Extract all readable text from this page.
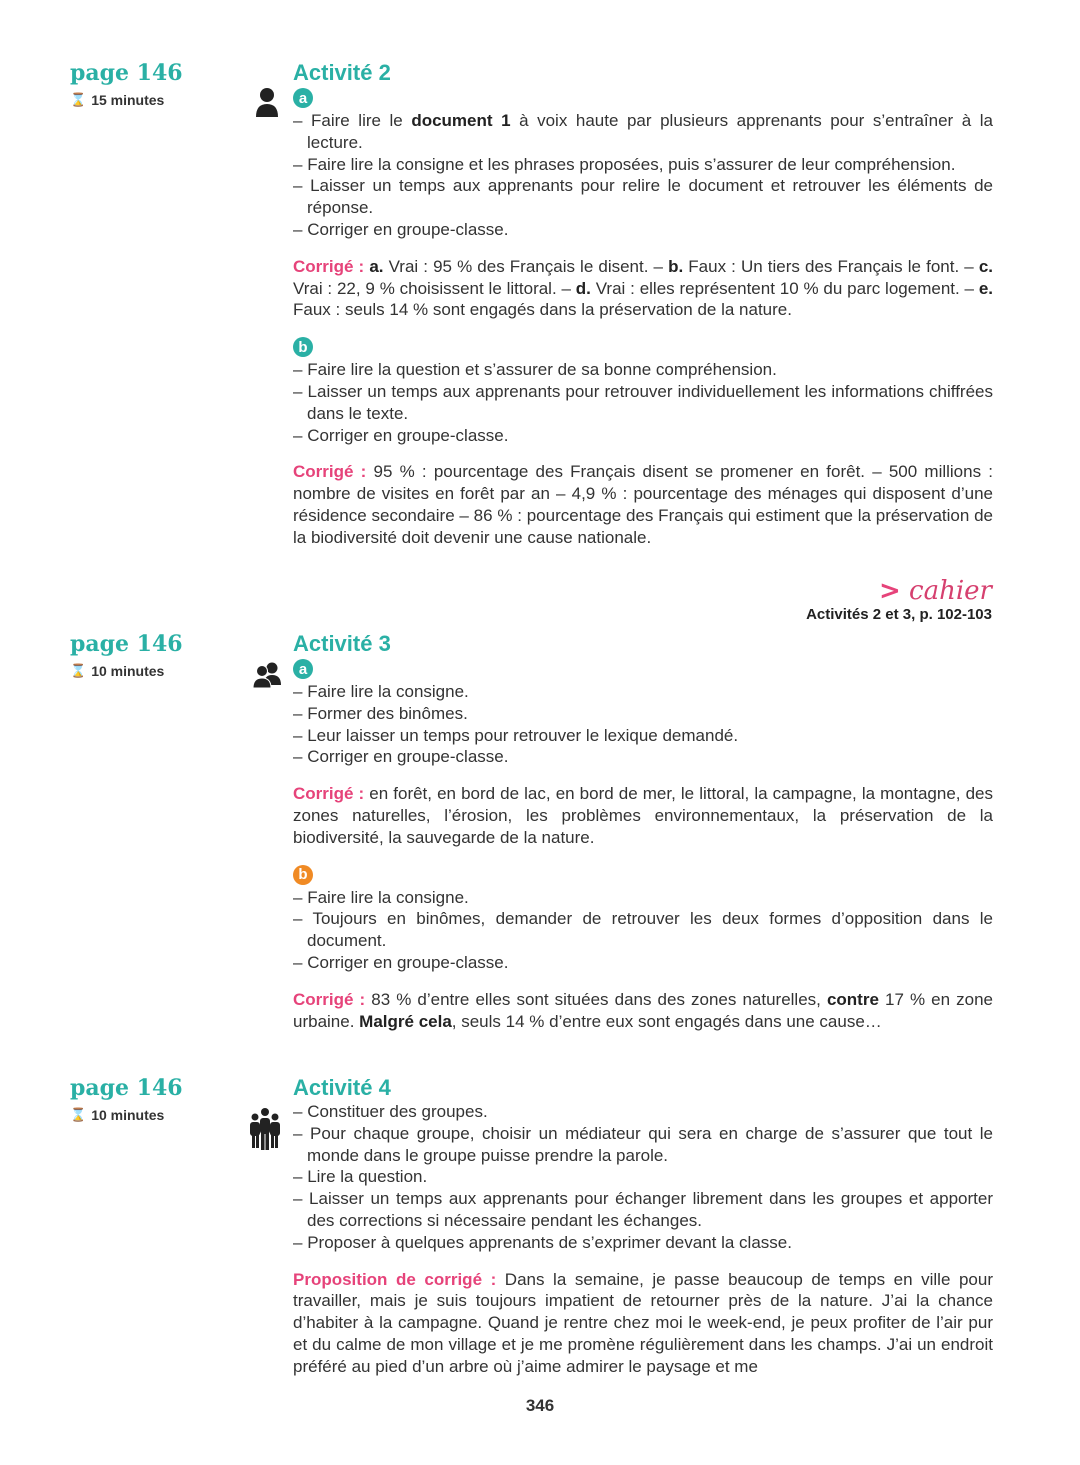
page 146
⌛ 15 minutes
Activité 2
a
– Faire lire le document 1 à voix haute par plusieurs apprenants pour s’entraîner à la lecture.
– Faire lire la consigne et les phrases proposées, puis s’assurer de leur compréhension.
– Laisser un temps aux apprenants pour relire le document et retrouver les éléments de réponse.
– Corriger en groupe-classe.
Corrigé : a. Vrai : 95 % des Français le disent. – b. Faux : Un tiers des Français le font. – c. Vrai : 22, 9 % choisissent le littoral. – d. Vrai : elles représentent 10 % du parc logement. – e. Faux : seuls 14 % sont engagés dans la préservation de la nature.
b
– Faire lire la question et s’assurer de sa bonne compréhension.
– Laisser un temps aux apprenants pour retrouver individuellement les informations chiffrées dans le texte.
– Corriger en groupe-classe.
Corrigé : 95 % : pourcentage des Français disent se promener en forêt. – 500 millions : nombre de visites en forêt par an – 4,9 % : pourcentage des ménages qui disposent d’une résidence secondaire – 86 % : pourcentage des Français qui estiment que la préservation de la biodiversité doit devenir une cause nationale.
> cahier
Activités 2 et 3, p. 102-103
page 146
⌛ 10 minutes
Activité 3
a
– Faire lire la consigne.
– Former des binômes.
– Leur laisser un temps pour retrouver le lexique demandé.
– Corriger en groupe-classe.
Corrigé : en forêt, en bord de lac, en bord de mer, le littoral, la campagne, la montagne, des zones naturelles, l’érosion, les problèmes environnementaux, la préservation de la biodiversité, la sauvegarde de la nature.
b
– Faire lire la consigne.
– Toujours en binômes, demander de retrouver les deux formes d’opposition dans le document.
– Corriger en groupe-classe.
Corrigé : 83 % d’entre elles sont situées dans des zones naturelles, contre 17 % en zone urbaine. Malgré cela, seuls 14 % d’entre eux sont engagés dans une cause…
page 146
⌛ 10 minutes
Activité 4
– Constituer des groupes.
– Pour chaque groupe, choisir un médiateur qui sera en charge de s’assurer que tout le monde dans le groupe puisse prendre la parole.
– Lire la question.
– Laisser un temps aux apprenants pour échanger librement dans les groupes et apporter des corrections si nécessaire pendant les échanges.
– Proposer à quelques apprenants de s’exprimer devant la classe.
Proposition de corrigé : Dans la semaine, je passe beaucoup de temps en ville pour travailler, mais je suis toujours impatient de retourner près de la nature. J’ai la chance d’habiter à la campagne. Quand je rentre chez moi le week-end, je peux profiter de l’air pur et du calme de mon village et je me promène régulièrement dans les champs. J’ai un endroit préféré au pied d’un arbre où j’aime admirer le paysage et me
346
